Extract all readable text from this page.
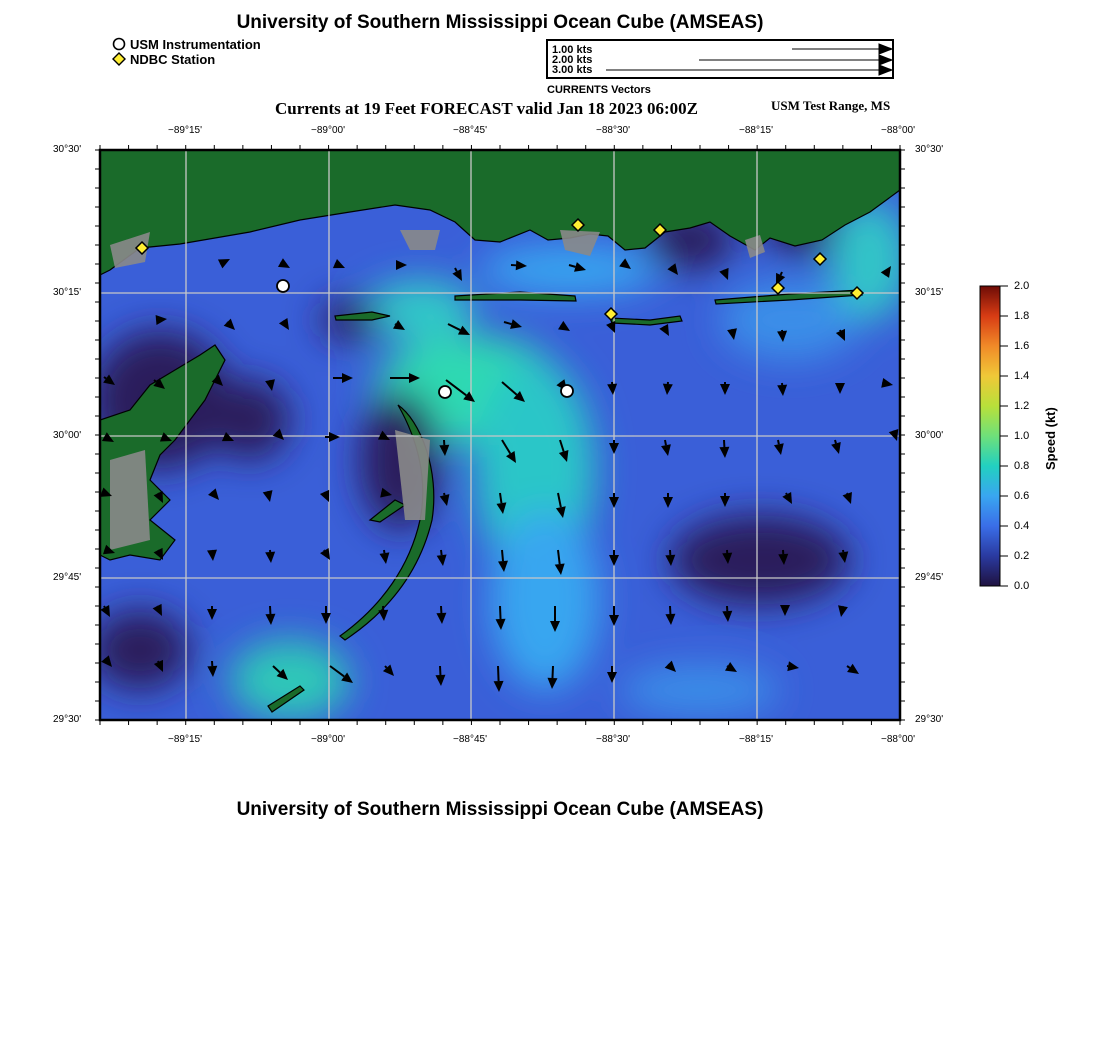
University of Southern Mississippi Ocean Cube (AMSEAS)
USM Instrumentation
NDBC Station
1.00 kts
2.00 kts
3.00 kts
CURRENTS Vectors
Currents at 19 Feet FORECAST valid Jan 18 2023 06:00Z	USM Test Range, MS
−89°15'	−89°00'	−88°45'	−88°30'	−88°15'	−88°00'
−89°15'	−89°00'	−88°45'	−88°30'	−88°15'	−88°00'
30°30'
30°15'
30°00'
29°45'
29°30'
30°30'
30°15'
30°00'
29°45'
29°30'
2.0
1.8
1.6
1.4
1.2
1.0
0.8
0.6
0.4
0.2
0.0
Speed (kt)
University of Southern Mississippi Ocean Cube (AMSEAS)
